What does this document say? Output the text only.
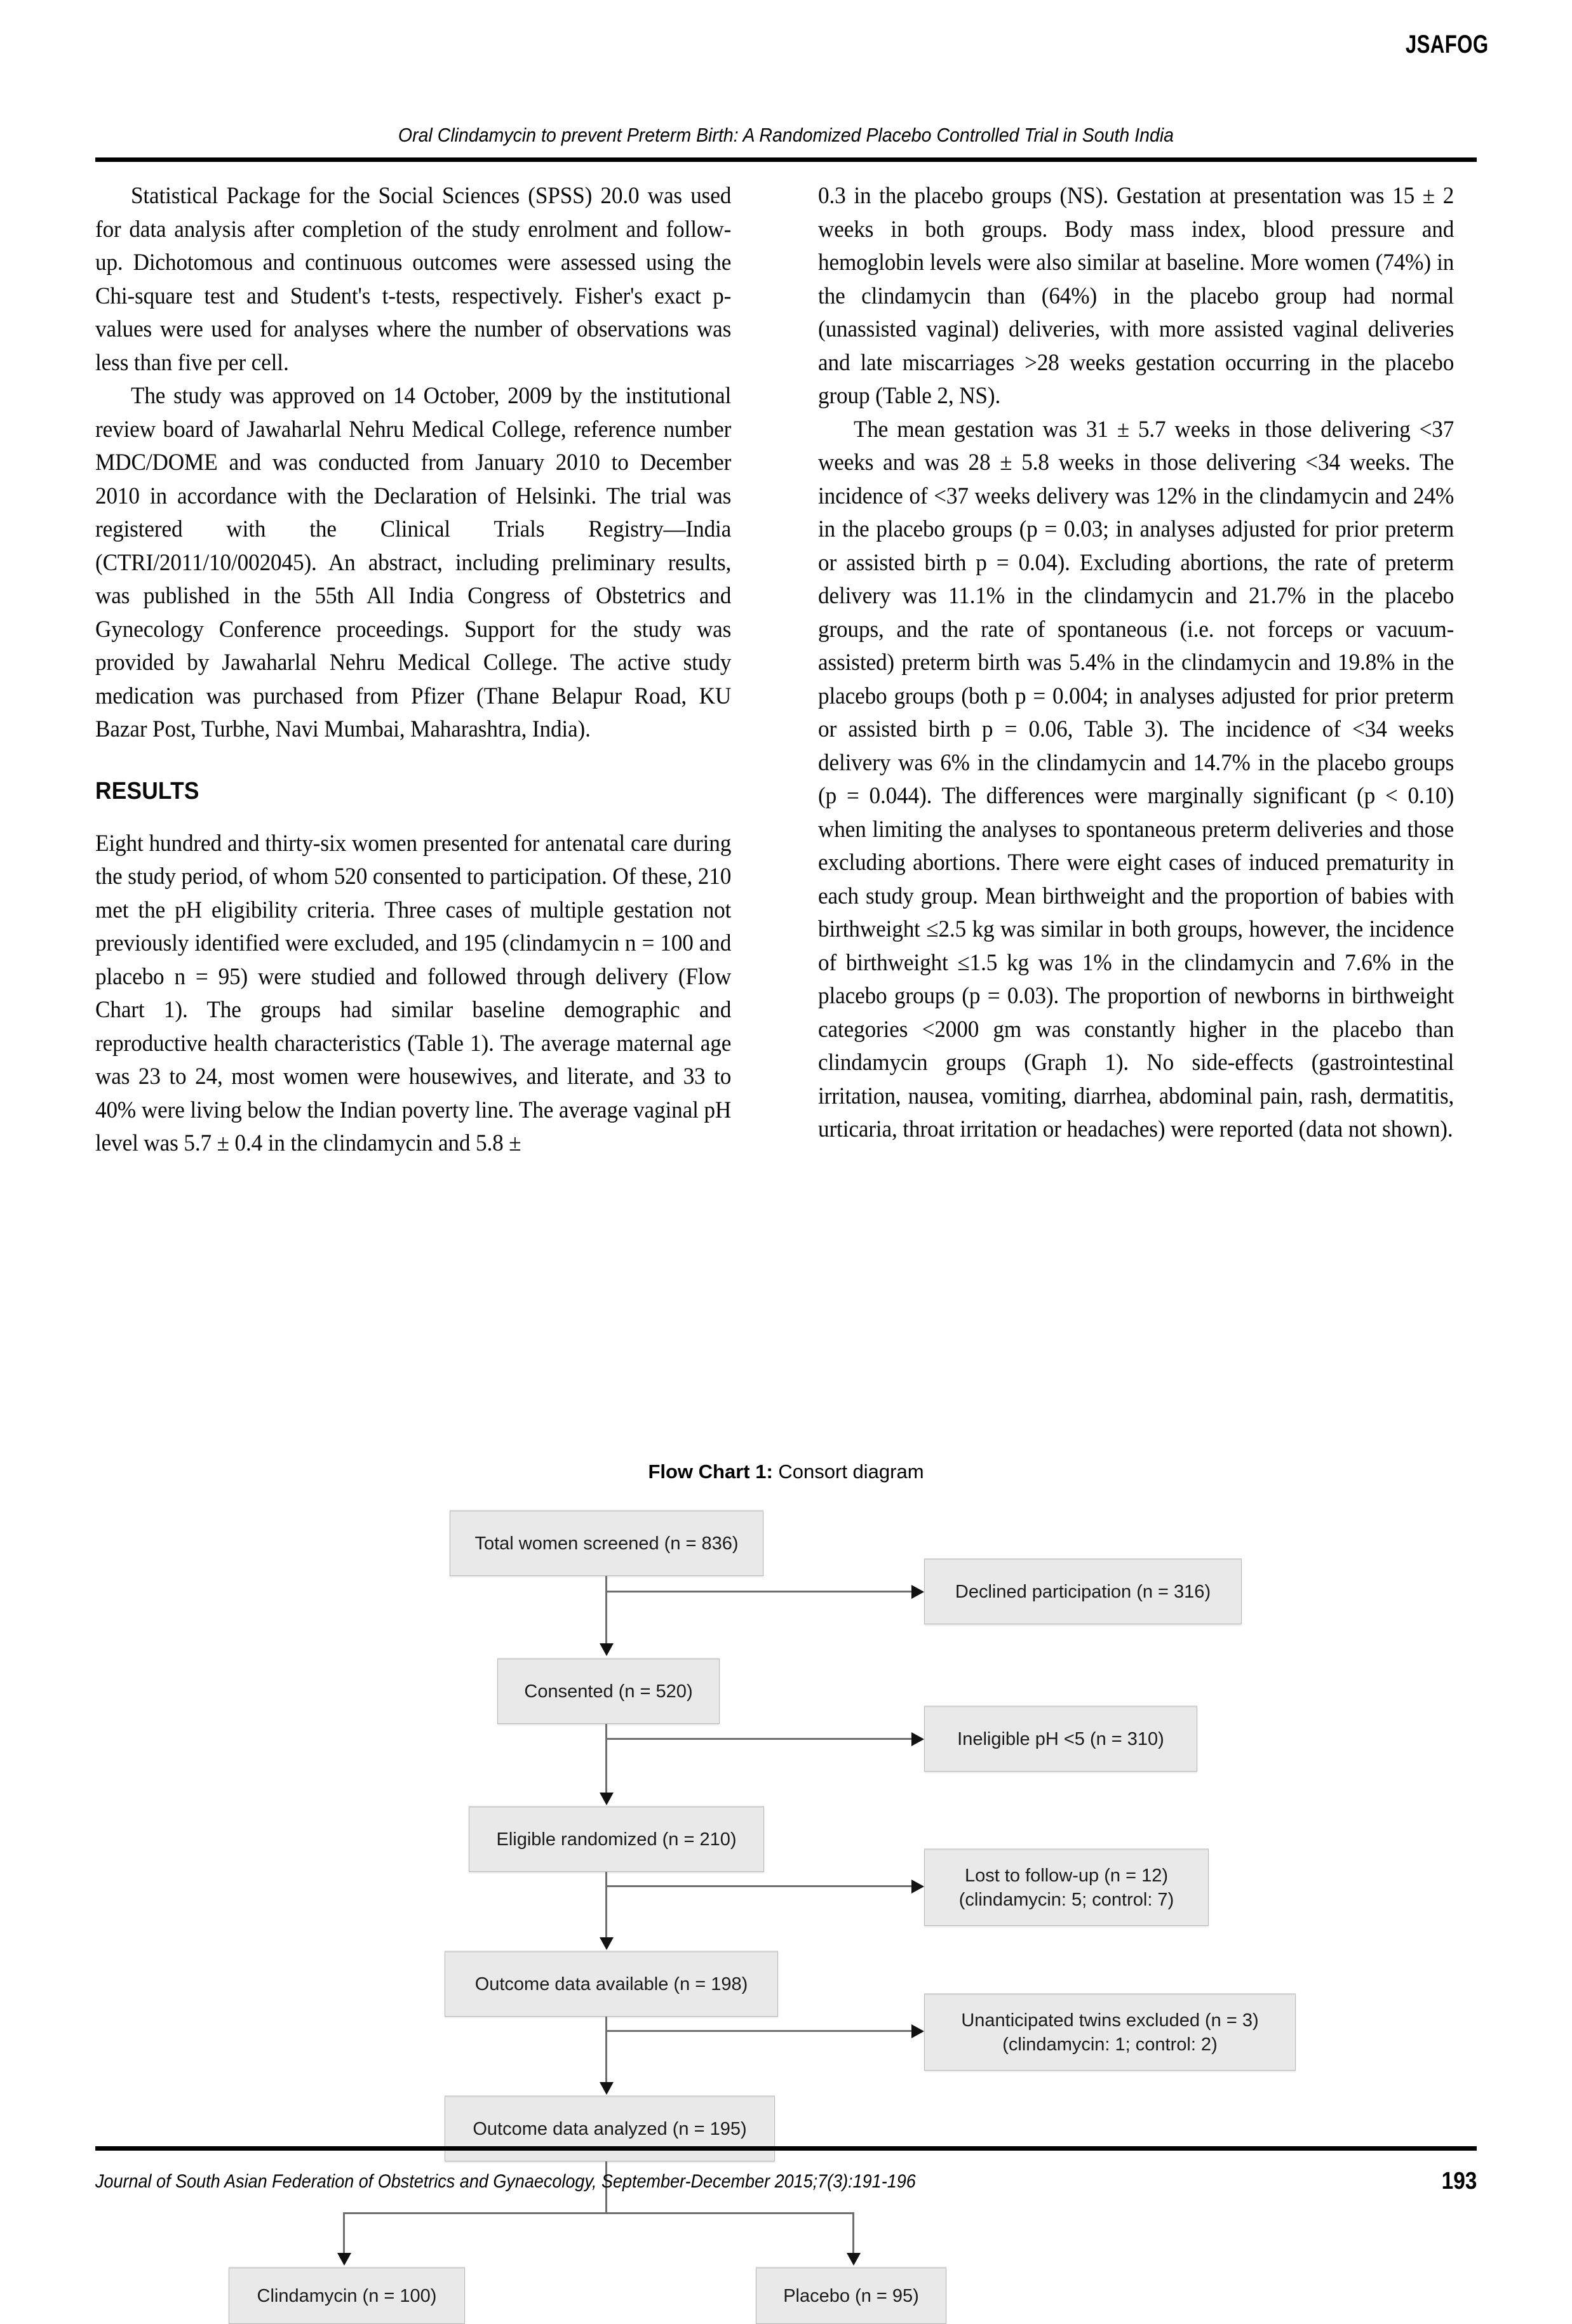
JSAFOG
Oral Clindamycin to prevent Preterm Birth: A Randomized Placebo Controlled Trial in South India

Statistical Package for the Social Sciences (SPSS) 20.0 was used for data analysis after completion of the study enrolment and follow-up. Dichotomous and continuous outcomes were assessed using the Chi-square test and Student's t-tests, respectively. Fisher's exact p-values were used for analyses where the number of observations was less than five per cell.

The study was approved on 14 October, 2009 by the institutional review board of Jawaharlal Nehru Medical College, reference number MDC/DOME and was conducted from January 2010 to December 2010 in accordance with the Declaration of Helsinki. The trial was registered with the Clinical Trials Registry—India (CTRI/2011/10/002045). An abstract, including preliminary results, was published in the 55th All India Congress of Obstetrics and Gynecology Conference proceedings. Support for the study was provided by Jawaharlal Nehru Medical College. The active study medication was purchased from Pfizer (Thane Belapur Road, KU Bazar Post, Turbhe, Navi Mumbai, Maharashtra, India).

RESULTS

Eight hundred and thirty-six women presented for antenatal care during the study period, of whom 520 consented to participation. Of these, 210 met the pH eligibility criteria. Three cases of multiple gestation not previously identified were excluded, and 195 (clindamycin n = 100 and placebo n = 95) were studied and followed through delivery (Flow Chart 1). The groups had similar baseline demographic and reproductive health characteristics (Table 1). The average maternal age was 23 to 24, most women were housewives, and literate, and 33 to 40% were living below the Indian poverty line. The average vaginal pH level was 5.7 ± 0.4 in the clindamycin and 5.8 ±

0.3 in the placebo groups (NS). Gestation at presentation was 15 ± 2 weeks in both groups. Body mass index, blood pressure and hemoglobin levels were also similar at baseline. More women (74%) in the clindamycin than (64%) in the placebo group had normal (unassisted vaginal) deliveries, with more assisted vaginal deliveries and late miscarriages >28 weeks gestation occurring in the placebo group (Table 2, NS).

The mean gestation was 31 ± 5.7 weeks in those delivering <37 weeks and was 28 ± 5.8 weeks in those delivering <34 weeks. The incidence of <37 weeks delivery was 12% in the clindamycin and 24% in the placebo groups (p = 0.03; in analyses adjusted for prior preterm or assisted birth p = 0.04). Excluding abortions, the rate of preterm delivery was 11.1% in the clindamycin and 21.7% in the placebo groups, and the rate of spontaneous (i.e. not forceps or vacuum-assisted) preterm birth was 5.4% in the clindamycin and 19.8% in the placebo groups (both p = 0.004; in analyses adjusted for prior preterm or assisted birth p = 0.06, Table 3). The incidence of <34 weeks delivery was 6% in the clindamycin and 14.7% in the placebo groups (p = 0.044). The differences were marginally significant (p < 0.10) when limiting the analyses to spontaneous preterm deliveries and those excluding abortions. There were eight cases of induced prematurity in each study group. Mean birthweight and the proportion of babies with birthweight ≤2.5 kg was similar in both groups, however, the incidence of birthweight ≤1.5 kg was 1% in the clindamycin and 7.6% in the placebo groups (p = 0.03). The proportion of newborns in birthweight categories <2000 gm was constantly higher in the placebo than clindamycin groups (Graph 1). No side-effects (gastrointestinal irritation, nausea, vomiting, diarrhea, abdominal pain, rash, dermatitis, urticaria, throat irritation or headaches) were reported (data not shown).

Flow Chart 1: Consort diagram
Total women screened (n = 836)
Declined participation (n = 316)
Consented (n = 520)
Ineligible pH <5 (n = 310)
Eligible randomized (n = 210)
Lost to follow-up (n = 12)
(clindamycin: 5; control: 7)
Outcome data available (n = 198)
Unanticipated twins excluded (n = 3)
(clindamycin: 1; control: 2)
Outcome data analyzed (n = 195)
Clindamycin (n = 100)	Placebo (n = 95)
Journal of South Asian Federation of Obstetrics and Gynaecology, September-December 2015;7(3):191-196	193
